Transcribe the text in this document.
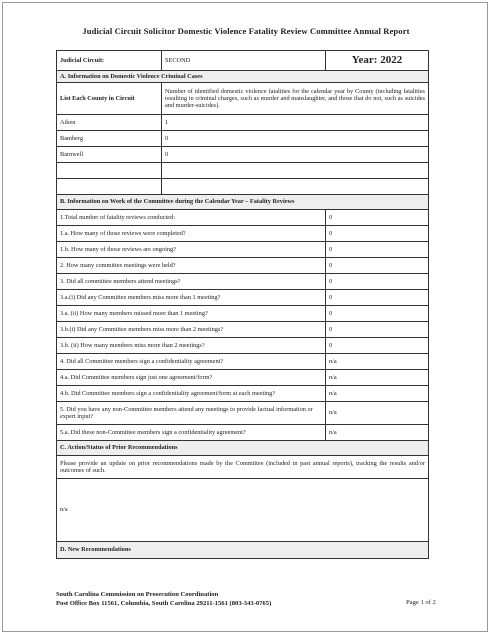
Judicial Circuit Solicitor Domestic Violence Fatality Review Committee Annual Report
Judicial Circuit:	SECOND	Year: 2022
A. Information on Domestic Violence Criminal Cases		
List Each County in Circuit	Number of identified domestic violence fatalities for the calendar year by County (including fatalities resulting in criminal charges, such as murder and manslaughter, and those that do not, such as suicides and murder-suicides).	
Aiken	1	
Bamberg	0	
Barnwell	0	

B. Information on Work of the Committee during the Calendar Year – Fatality Reviews		
1.Total number of fatality reviews conducted:		0
1.a. How many of those reviews were completed?		0
1.b. How many of those reviews are ongoing?		0
2. How many committee meetings were held?		0
3. Did all committee members attend meetings?		0
3.a.(i) Did any Committee members miss more than 1 meeting?		0
3.a. (ii) How many members missed more than 1 meeting?		0
3.b.(i) Did any Committee members miss more than 2 meetings?		0
3.b. (ii) How many members miss more than 2 meetings?		0
4. Did all Committee members sign a confidentiality agreement?		n/a
4.a. Did Committee members sign just one agreement/form?		n/a
4.b. Did Committee members sign a confidentiality agreement/form at each meeting?		n/a
5. Did you have any non-Committee members attend any meetings to provide factual information or expert input?		n/a
5.a. Did these non-Committee members sign a confidentiality agreement?		n/a
C. Action/Status of Prior Recommendations		
Please provide an update on prior recommendations made by the Committee (included in past annual reports), tracking the results and/or outcomes of such.		
n/a		
D. New Recommendations		
South Carolina Commission on Prosecution Coordination
Post Office Box 11561, Columbia, South Carolina 29211-1561 (803-343-0765)	Page 1 of 2
